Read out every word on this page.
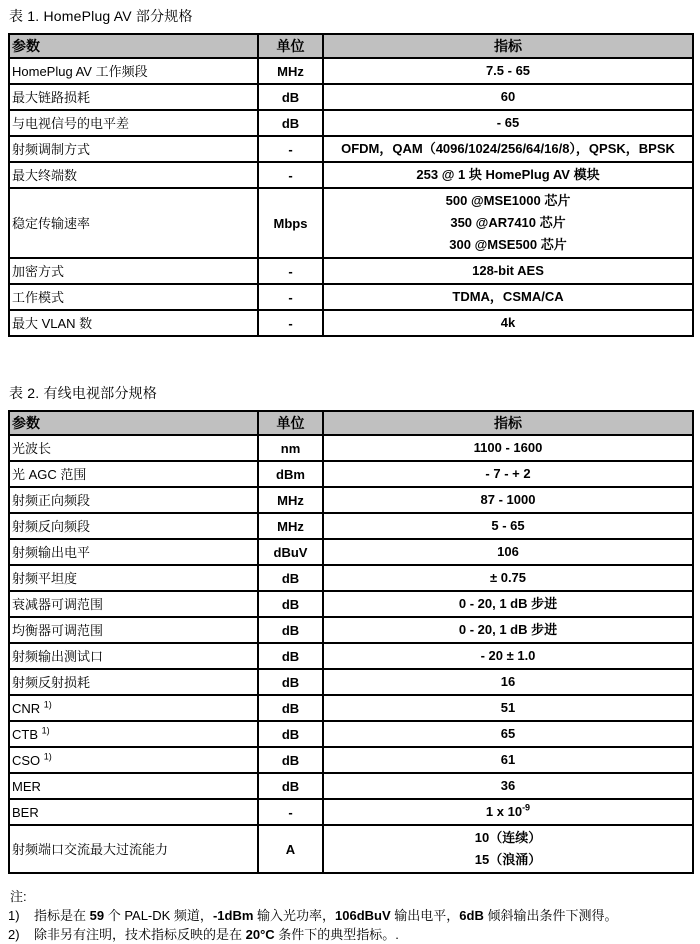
表 1. HomePlug AV 部分规格
参数	单位	指标
HomePlug AV 工作频段	MHz	7.5 - 65

最大链路损耗	dB	60

与电视信号的电平差	dB	- 65

射频调制方式	-	OFDM，QAM（4096/1024/256/64/16/8），QPSK，BPSK

最大终端数	-	253 @ 1 块 HomePlug AV 模块

稳定传输速率	Mbps	500 @MSE1000 芯片
350 @AR7410 芯片
300 @MSE500 芯片

加密方式	-	128-bit AES

工作模式	-	TDMA，CSMA/CA

最大 VLAN 数	-	4k
表 2. 有线电视部分规格
参数	单位	指标
光波长	nm	1100 - 1600

光 AGC 范围	dBm	- 7 - + 2

射频正向频段	MHz	87 - 1000

射频反向频段	MHz	5 - 65

射频输出电平	dBuV	106

射频平坦度	dB	± 0.75

衰减器可调范围	dB	0 - 20, 1 dB 步进

均衡器可调范围	dB	0 - 20, 1 dB 步进

射频输出测试口	dB	- 20 ± 1.0

射频反射损耗	dB	16

CNR $^{1)}$	dB	51

CTB $^{1)}$	dB	65

CSO $^{1)}$	dB	61

MER	dB	36

BER	-	1 x $10^{-9}$

射频端口交流最大过流能力	A	10（连续）
15（浪涌）
注:
1)	指标是在 59 个 PAL-DK 频道，-1dBm 输入光功率，106dBuV 输出电平，6dB 倾斜输出条件下测得。
2)	除非另有注明，技术指标反映的是在 20°C 条件下的典型指标。.
